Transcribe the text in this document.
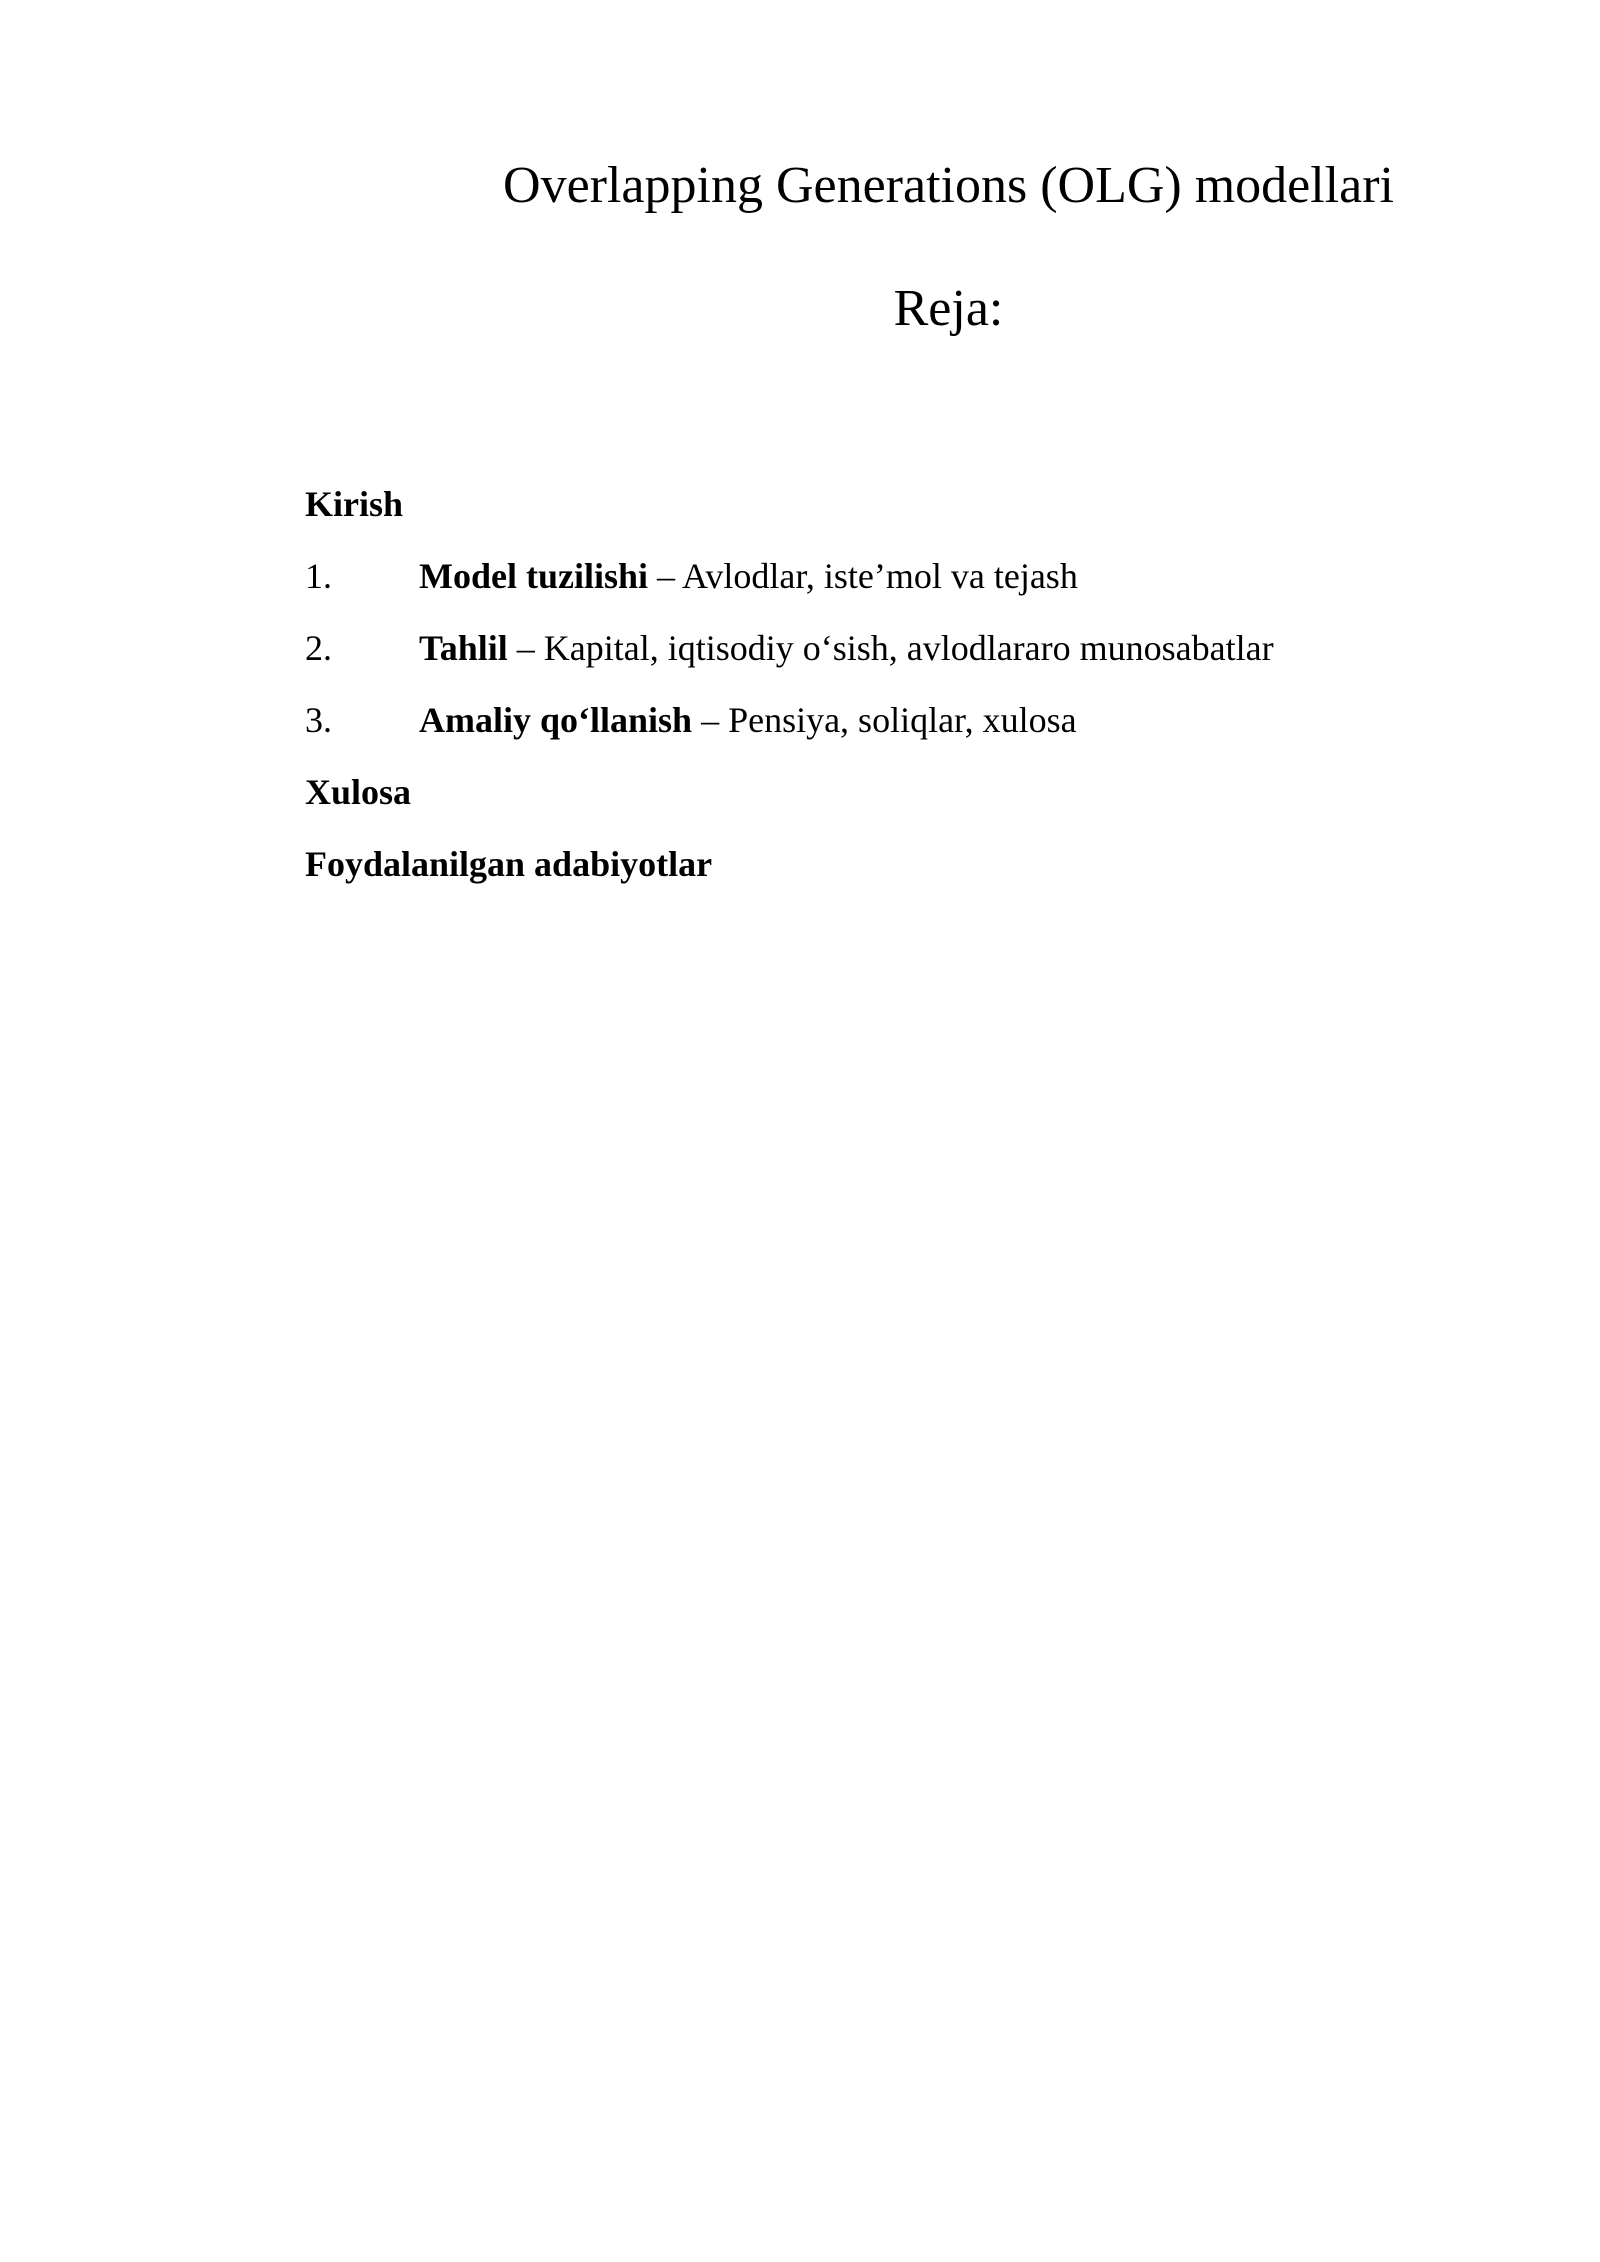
Overlapping Generations (OLG) modellari
Reja:
Kirish
1. Model tuzilishi – Avlodlar, iste’mol va tejash
2. Tahlil – Kapital, iqtisodiy o‘sish, avlodlararo munosabatlar
3. Amaliy qo‘llanish – Pensiya, soliqlar, xulosa
Xulosa
Foydalanilgan adabiyotlar
